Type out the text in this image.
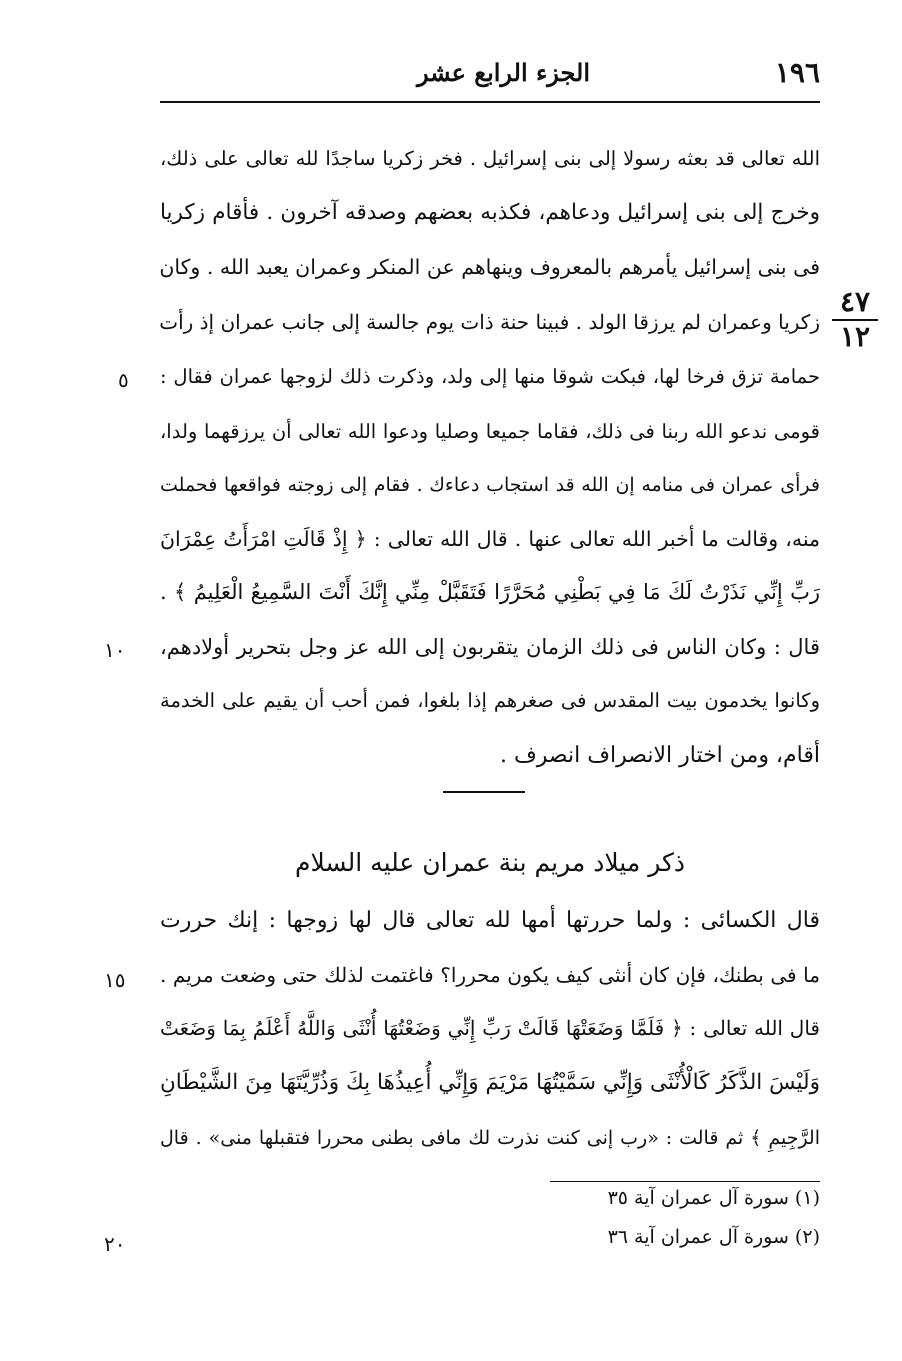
١٩٦
الجزء الرابع عشر
٤٧
١٢
٥
١٠
١٥
٢٠
الله تعالى قد بعثه رسولا إلى بنى إسرائيل . فخر زكريا ساجدًا لله تعالى على ذلك،
وخرج إلى بنى إسرائيل ودعاهم، فكذبه بعضهم وصدقه آخرون . فأقام زكريا
فى بنى إسرائيل يأمرهم بالمعروف وينهاهم عن المنكر وعمران يعبد الله . وكان
زكريا وعمران لم يرزقا الولد . فبينا حنة ذات يوم جالسة إلى جانب عمران إذ رأت
حمامة تزق فرخا لها، فبكت شوقا منها إلى ولد، وذكرت ذلك لزوجها عمران فقال :
قومى ندعو الله ربنا فى ذلك، فقاما جميعا وصليا ودعوا الله تعالى أن يرزقهما ولدا،
فرأى عمران فى منامه إن الله قد استجاب دعاءك . فقام إلى زوجته فواقعها فحملت
منه، وقالت ما أخبر الله تعالى عنها . قال الله تعالى : ﴿ إِذْ قَالَتِ امْرَأَتُ عِمْرَانَ
رَبِّ إِنِّي نَذَرْتُ لَكَ مَا فِي بَطْنِي مُحَرَّرًا فَتَقَبَّلْ مِنِّي إِنَّكَ أَنْتَ السَّمِيعُ الْعَلِيمُ ﴾ .
قال : وكان الناس فى ذلك الزمان يتقربون إلى الله عز وجل بتحرير أولادهم،
وكانوا يخدمون بيت المقدس فى صغرهم إذا بلغوا، فمن أحب أن يقيم على الخدمة
أقام، ومن اختار الانصراف انصرف .
قال الكسائى : ولما حررتها أمها لله تعالى قال لها زوجها : إنك حررت
ما فى بطنك، فإن كان أنثى كيف يكون محررا؟ فاغتمت لذلك حتى وضعت مريم .
قال الله تعالى : ﴿ فَلَمَّا وَضَعَتْهَا قَالَتْ رَبِّ إِنِّي وَضَعْتُهَا أُنْثَى وَاللَّهُ أَعْلَمُ بِمَا وَضَعَتْ
وَلَيْسَ الذَّكَرُ كَالْأُنْثَى وَإِنِّي سَمَّيْتُهَا مَرْيَمَ وَإِنِّي أُعِيذُهَا بِكَ وَذُرِّيَّتَهَا مِنَ الشَّيْطَانِ
الرَّجِيمِ ﴾ ثم قالت : «رب إنى كنت نذرت لك مافى بطنى محررا فتقبلها منى» . قال
ذكر ميلاد مريم بنة عمران عليه السلام
(١) سورة آل عمران آية ٣٥
(٢) سورة آل عمران آية ٣٦
